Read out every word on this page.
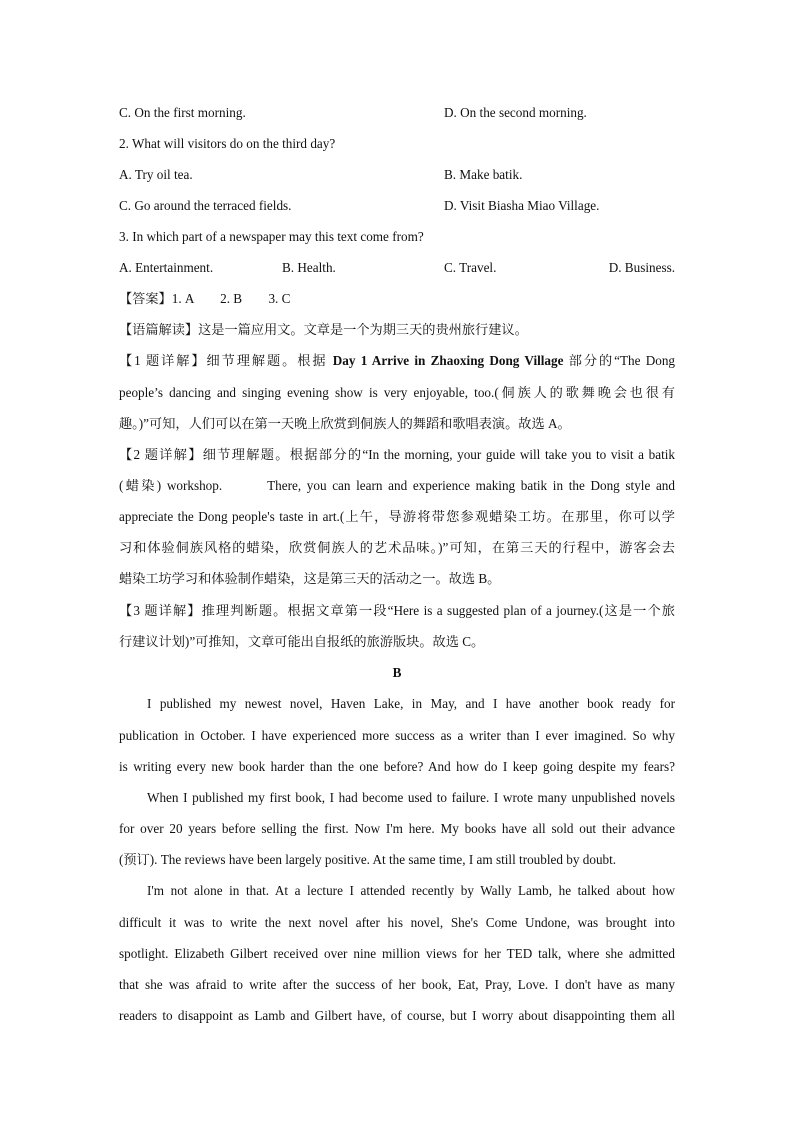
C. On the first morning.	D. On the second morning.
2. What will visitors do on the third day?
A. Try oil tea.	B. Make batik.
C. Go around the terraced fields.	D. Visit Biasha Miao Village.
3. In which part of a newspaper may this text come from?
A. Entertainment.	B. Health.	C. Travel.	D. Business.
【答案】1. A        2. B        3. C
【语篇解读】这是一篇应用文。文章是一个为期三天的贵州旅行建议。
【1 题详解】细节理解题。根据 Day 1 Arrive in Zhaoxing Dong Village 部分的“The Dong
people’s dancing and singing evening show is very enjoyable, too.(侗族人的歌舞晚会也很有
趣。)”可知，人们可以在第一天晚上欣赏到侗族人的舞蹈和歌唱表演。故选 A。
【2 题详解】细节理解题。根据部分的“In the morning, your guide will take you to visit a batik
(蜡染) workshop.        There, you can learn and experience making batik in the Dong style and
appreciate the Dong people's taste in art.(上午，导游将带您参观蜡染工坊。在那里，你可以学
习和体验侗族风格的蜡染，欣赏侗族人的艺术品味。)”可知，在第三天的行程中，游客会去
蜡染工坊学习和体验制作蜡染，这是第三天的活动之一。故选 B。
【3 题详解】推理判断题。根据文章第一段“Here is a suggested plan of a journey.(这是一个旅
行建议计划)”可推知，文章可能出自报纸的旅游版块。故选 C。
B
I published my newest novel, Haven Lake, in May, and I have another book ready for
publication in October. I have experienced more success as a writer than I ever imagined. So why
is writing every new book harder than the one before? And how do I keep going despite my fears?
When I published my first book, I had become used to failure. I wrote many unpublished novels
for over 20 years before selling the first. Now I'm here. My books have all sold out their advance
(预订). The reviews have been largely positive. At the same time, I am still troubled by doubt.
I'm not alone in that. At a lecture I attended recently by Wally Lamb, he talked about how
difficult it was to write the next novel after his novel, She's Come Undone, was brought into
spotlight. Elizabeth Gilbert received over nine million views for her TED talk, where she admitted
that she was afraid to write after the success of her book, Eat, Pray, Love. I don't have as many
readers to disappoint as Lamb and Gilbert have, of course, but I worry about disappointing them all
